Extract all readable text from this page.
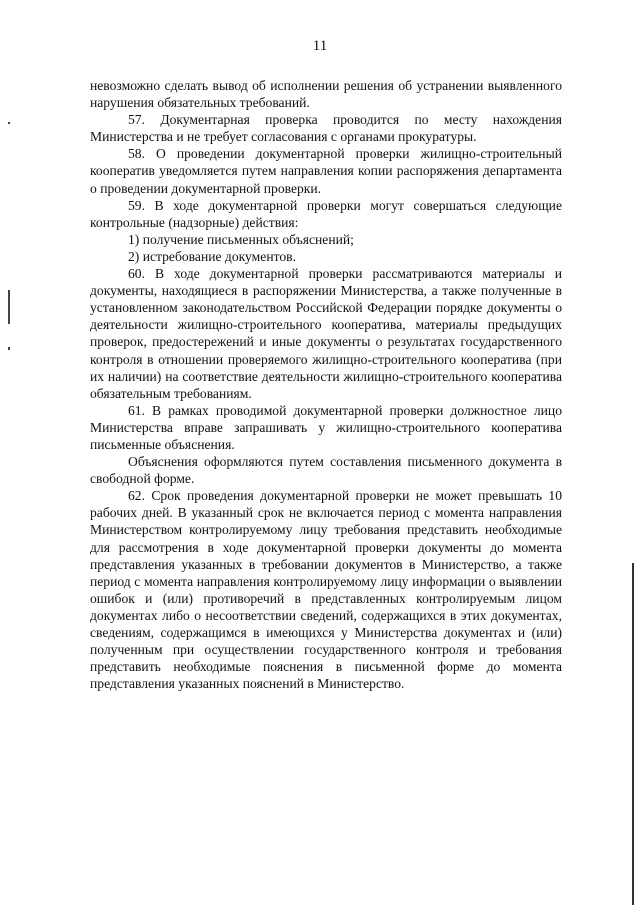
11

невозможно сделать вывод об исполнении решения об устранении выявленного нарушения обязательных требований.

57. Документарная проверка проводится по месту нахождения Министерства и не требует согласования с органами прокуратуры.

58. О проведении документарной проверки жилищно-строительный кооператив уведомляется путем направления копии распоряжения департамента о проведении документарной проверки.

59. В ходе документарной проверки могут совершаться следующие контрольные (надзорные) действия:

1) получение письменных объяснений;

2) истребование документов.

60. В ходе документарной проверки рассматриваются материалы и документы, находящиеся в распоряжении Министерства, а также полученные в установленном законодательством Российской Федерации порядке документы о деятельности жилищно-строительного кооператива, материалы предыдущих проверок, предостережений и иные документы о результатах государственного контроля в отношении проверяемого жилищно-строительного кооператива (при их наличии) на соответствие деятельности жилищно-строительного кооператива обязательным требованиям.

61. В рамках проводимой документарной проверки должностное лицо Министерства вправе запрашивать у жилищно-строительного кооператива письменные объяснения.

Объяснения оформляются путем составления письменного документа в свободной форме.

62. Срок проведения документарной проверки не может превышать 10 рабочих дней. В указанный срок не включается период с момента направления Министерством контролируемому лицу требования представить необходимые для рассмотрения в ходе документарной проверки документы до момента представления указанных в требовании документов в Министерство, а также период с момента направления контролируемому лицу информации о выявлении ошибок и (или) противоречий в представленных контролируемым лицом документах либо о несоответствии сведений, содержащихся в этих документах, сведениям, содержащимся в имеющихся у Министерства документах и (или) полученным при осуществлении государственного контроля и требования представить необходимые пояснения в письменной форме до момента представления указанных пояснений в Министерство.
